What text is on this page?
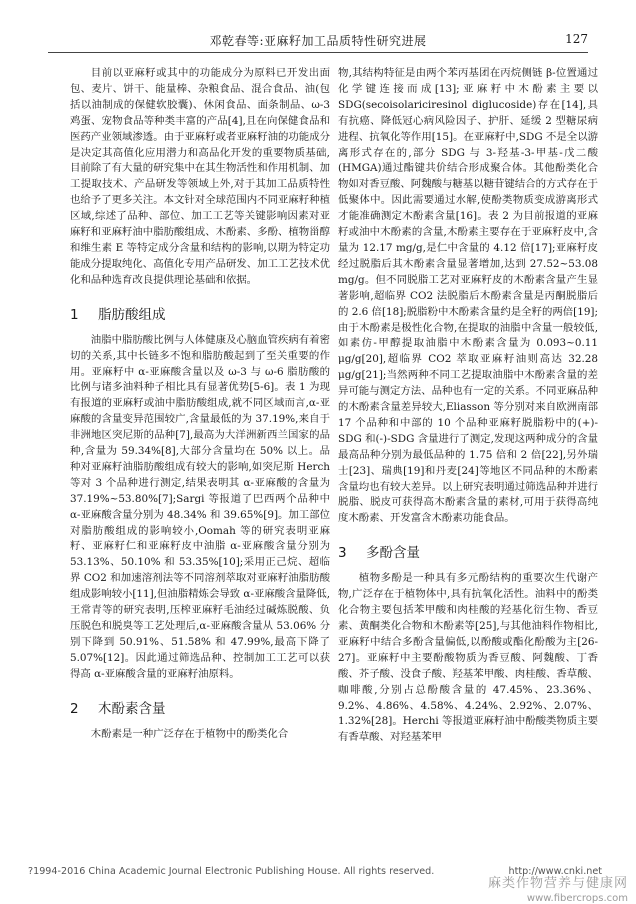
邓乾春等:亚麻籽加工品质特性研究进展	127

目前以亚麻籽或其中的功能成分为原料已开发出面包、麦片、饼干、能量棒、杂粮食品、混合食品、油(包括以油制成的保健软胶囊)、休闲食品、面条制品、ω-3 鸡蛋、宠物食品等种类丰富的产品[4],且在向保健食品和医药产业领域渗透。由于亚麻籽或者亚麻籽油的功能成分是决定其高值化应用潜力和高品化开发的重要物质基础,目前除了有大量的研究集中在其生物活性和作用机制、加工提取技术、产品研发等领域上外,对于其加工品质特性也给予了更多关注。本文针对全球范围内不同亚麻籽种植区域,综述了品种、部位、加工工艺等关键影响因素对亚麻籽和亚麻籽油中脂肪酸组成、木酚素、多酚、植物甾醇和维生素 E 等特定成分含量和结构的影响,以期为特定功能成分提取纯化、高值化专用产品研发、加工工艺技术优化和品种选育改良提供理论基础和依据。

1 脂肪酸组成

油脂中脂肪酸比例与人体健康及心脑血管疾病有着密切的关系,其中长链多不饱和脂肪酸起到了至关重要的作用。亚麻籽中 α-亚麻酸含量以及 ω-3 与 ω-6 脂肪酸的比例与诸多油料种子相比具有显著优势[5-6]。表 1 为现有报道的亚麻籽或油中脂肪酸组成,就不同区域而言,α-亚麻酸的含量变异范围较广,含量最低的为 37.19%,来自于非洲地区突尼斯的品种[7],最高为大洋洲新西兰国家的品种,含量为 59.34%[8],大部分含量均在 50% 以上。品种对亚麻籽油脂肪酸组成有较大的影响,如突尼斯 Herch 等对 3 个品种进行测定,结果表明其 α-亚麻酸的含量为 37.19%~53.80%[7];Sargi 等报道了巴西两个品种中 α-亚麻酸含量分别为 48.34% 和 39.65%[9]。加工部位对脂肪酸组成的影响较小,Oomah 等的研究表明亚麻籽、亚麻籽仁和亚麻籽皮中油脂 α-亚麻酸含量分别为 53.13%、50.10% 和 53.35%[10];采用正己烷、超临界 CO2 和加速溶剂法等不同溶剂萃取对亚麻籽油脂肪酸组成影响较小[11],但油脂精炼会导致 α-亚麻酸含量降低,王常青等的研究表明,压榨亚麻籽毛油经过碱炼脱酸、负压脱色和脱臭等工艺处理后,α-亚麻酸含量从 53.06% 分别下降到 50.91%、51.58% 和 47.99%,最高下降了 5.07%[12]。因此通过筛选品种、控制加工工艺可以获得高 α-亚麻酸含量的亚麻籽油原料。

2 木酚素含量

木酚素是一种广泛存在于植物中的酚类化合

物,其结构特征是由两个苯丙基团在丙烷侧链 β-位置通过化学键连接而成[13];亚麻籽中木酚素主要以 SDG(secoisolariciresinol diglucoside)存在[14],具有抗癌、降低冠心病风险因子、护肝、延缓 2 型糖尿病进程、抗氧化等作用[15]。在亚麻籽中,SDG 不是全以游离形式存在的,部分 SDG 与 3-羟基-3-甲基-戊二酸(HMGA)通过酯键共价结合形成聚合体。其他酚类化合物如对香豆酸、阿魏酸与糖基以糖苷键结合的方式存在于低聚体中。因此需要通过水解,使酚类物质变成游离形式才能准确测定木酚素含量[16]。表 2 为目前报道的亚麻籽或油中木酚素的含量,木酚素主要存在于亚麻籽皮中,含量为 12.17 mg/g,是仁中含量的 4.12 倍[17];亚麻籽皮经过脱脂后其木酚素含量显著增加,达到 27.52~53.08 mg/g。但不同脱脂工艺对亚麻籽皮的木酚素含量产生显著影响,超临界 CO2 法脱脂后木酚素含量是丙酮脱脂后的 2.6 倍[18];脱脂粉中木酚素含量约是全籽的两倍[19];由于木酚素是极性化合物,在提取的油脂中含量一般较低,如素仿-甲醇提取油脂中木酚素含量为 0.093~0.11 μg/g[20],超临界 CO2 萃取亚麻籽油则高达 32.28 μg/g[21];当然两种不同工艺提取油脂中木酚素含量的差异可能与测定方法、品种也有一定的关系。不同亚麻品种的木酚素含量差异较大,Eliasson 等分别对来自欧洲南部 17 个品种和中部的 10 个品种亚麻籽脱脂粉中的(+)-SDG 和(-)-SDG 含量进行了测定,发现这两种成分的含量最高品种分别为最低品种的 1.75 倍和 2 倍[22],另外瑞士[23]、瑞典[19]和丹麦[24]等地区不同品种的木酚素含量均也有较大差异。以上研究表明通过筛选品种并进行脱脂、脱皮可获得高木酚素含量的素材,可用于获得高纯度木酚素、开发富含木酚素功能食品。

3 多酚含量

植物多酚是一种具有多元酚结构的重要次生代谢产物,广泛存在于植物体中,具有抗氧化活性。油料中的酚类化合物主要包括苯甲酸和肉桂酸的羟基化衍生物、香豆素、黄酮类化合物和木酚素等[25],与其他油料作物相比,亚麻籽中结合多酚含量偏低,以酚酸或酯化酚酸为主[26-27]。亚麻籽中主要酚酸物质为香豆酸、阿魏酸、丁香酸、芥子酸、没食子酸、羟基苯甲酸、肉桂酸、香草酸、咖啡酸,分别占总酚酸含量的 47.45%、23.36%、9.2%、4.86%、4.58%、4.24%、2.92%、2.07%、1.32%[28]。Herchi 等报道亚麻籽油中酚酸类物质主要有香草酸、对羟基苯甲

?1994-2016 China Academic Journal Electronic Publishing House. All rights reserved.	http://www.cnki.net
麻类作物营养与健康网
www.fibercrops.com
